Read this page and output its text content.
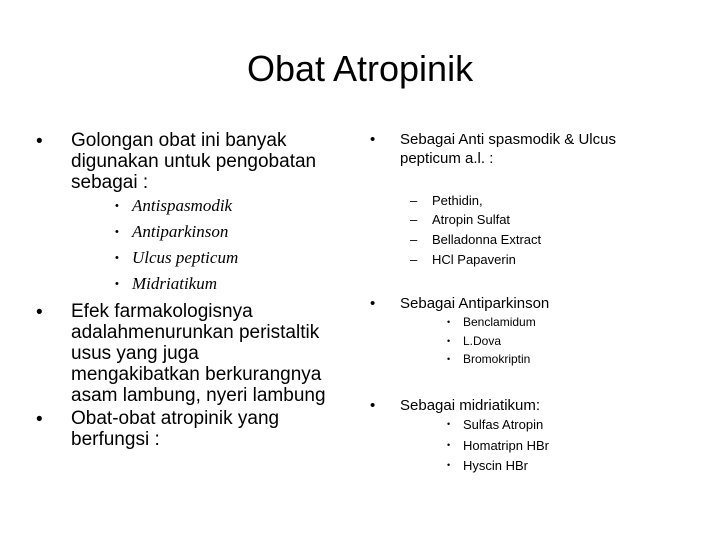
Obat Atropinik
• Golongan obat ini banyak
digunakan untuk pengobatan
sebagai :
• Antispasmodik
• Antiparkinson
• Ulcus pepticum
• Midriatikum
• Efek farmakologisnya
adalahmenurunkan peristaltik
usus yang juga
mengakibatkan berkurangnya
asam lambung, nyeri lambung
• Obat-obat atropinik yang
berfungsi :
• Sebagai Anti spasmodik & Ulcus
pepticum a.l. :
– Pethidin,
– Atropin Sulfat
– Belladonna Extract
– HCl Papaverin
• Sebagai Antiparkinson
• Benclamidum
• L.Dova
• Bromokriptin
• Sebagai midriatikum:
• Sulfas Atropin
• Homatripn HBr
• Hyscin HBr
